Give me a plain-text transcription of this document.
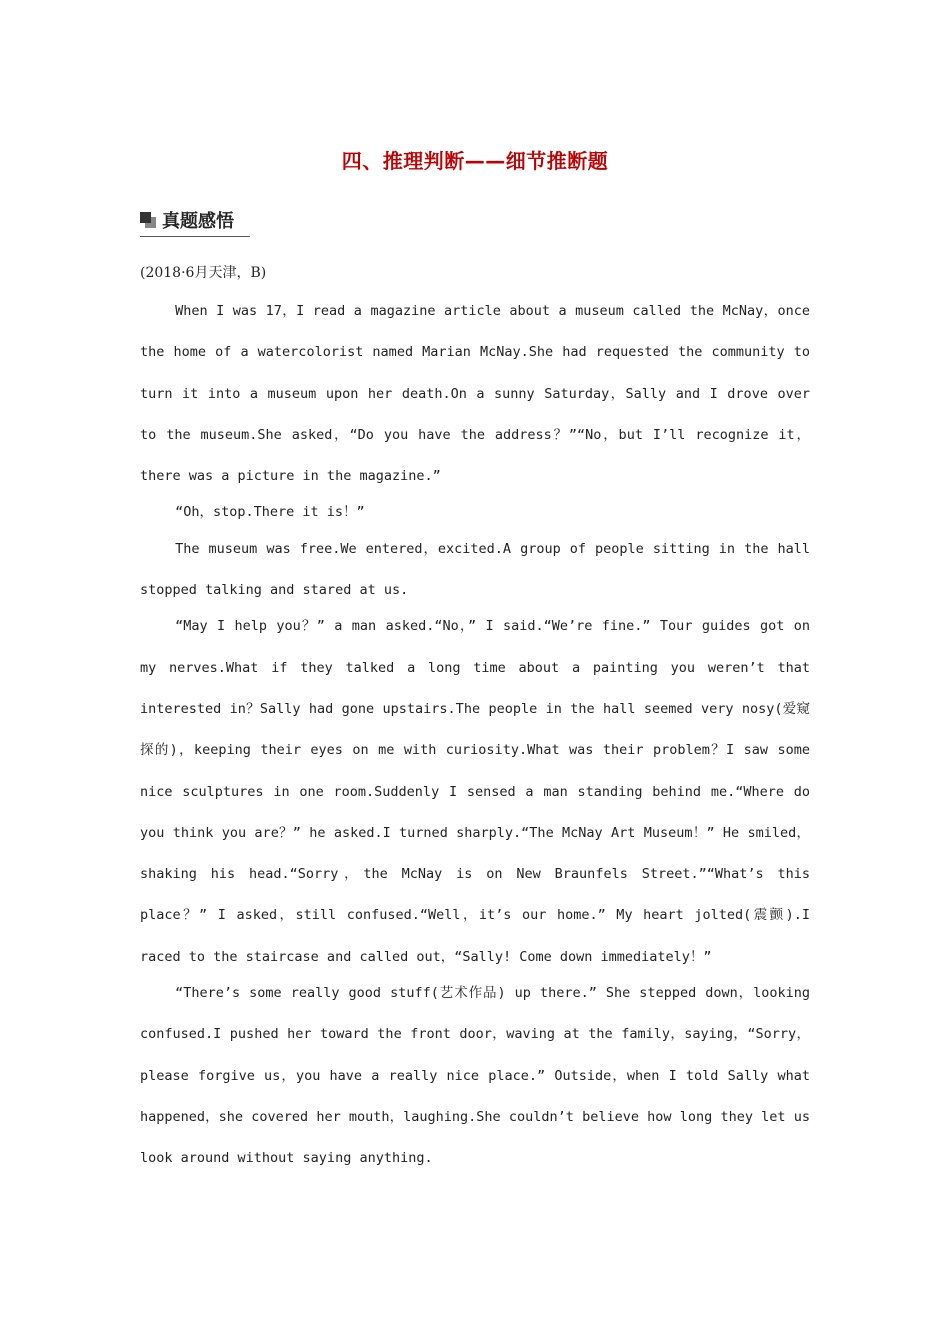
四、推理判断——细节推断题
真题感悟
(2018·6月天津，B)

When I was 17，I read a magazine article about a museum called the McNay，once the home of a watercolorist named Marian McNay.She had requested the community to turn it into a museum upon her death.On a sunny Saturday，Sally and I drove over to the museum.She asked，“Do you have the address？”“No，but I’ll recognize it，there was a picture in the magazine.”

“Oh，stop.There it is！”

The museum was free.We entered，excited.A group of people sitting in the hall stopped talking and stared at us.

“May I help you？” a man asked.“No，” I said.“We’re fine.” Tour guides got on my nerves.What if they talked a long time about a painting you weren’t that interested in？Sally had gone upstairs.The people in the hall seemed very nosy(爱窥探的)，keeping their eyes on me with curiosity.What was their problem？I saw some nice sculptures in one room.Suddenly I sensed a man standing behind me.“Where do you think you are？” he asked.I turned sharply.“The McNay Art Museum！” He smiled，shaking his head.“Sorry，the McNay is on New Braunfels Street.”“What’s this place？” I asked，still confused.“Well，it’s our home.” My heart jolted(震颤).I raced to the staircase and called out，“Sally! Come down immediately！”

“There’s some really good stuff(艺术作品) up there.” She stepped down，looking confused.I pushed her toward the front door，waving at the family，saying，“Sorry，please forgive us，you have a really nice place.” Outside，when I told Sally what happened，she covered her mouth，laughing.She couldn’t believe how long they let us look around without saying anything.
